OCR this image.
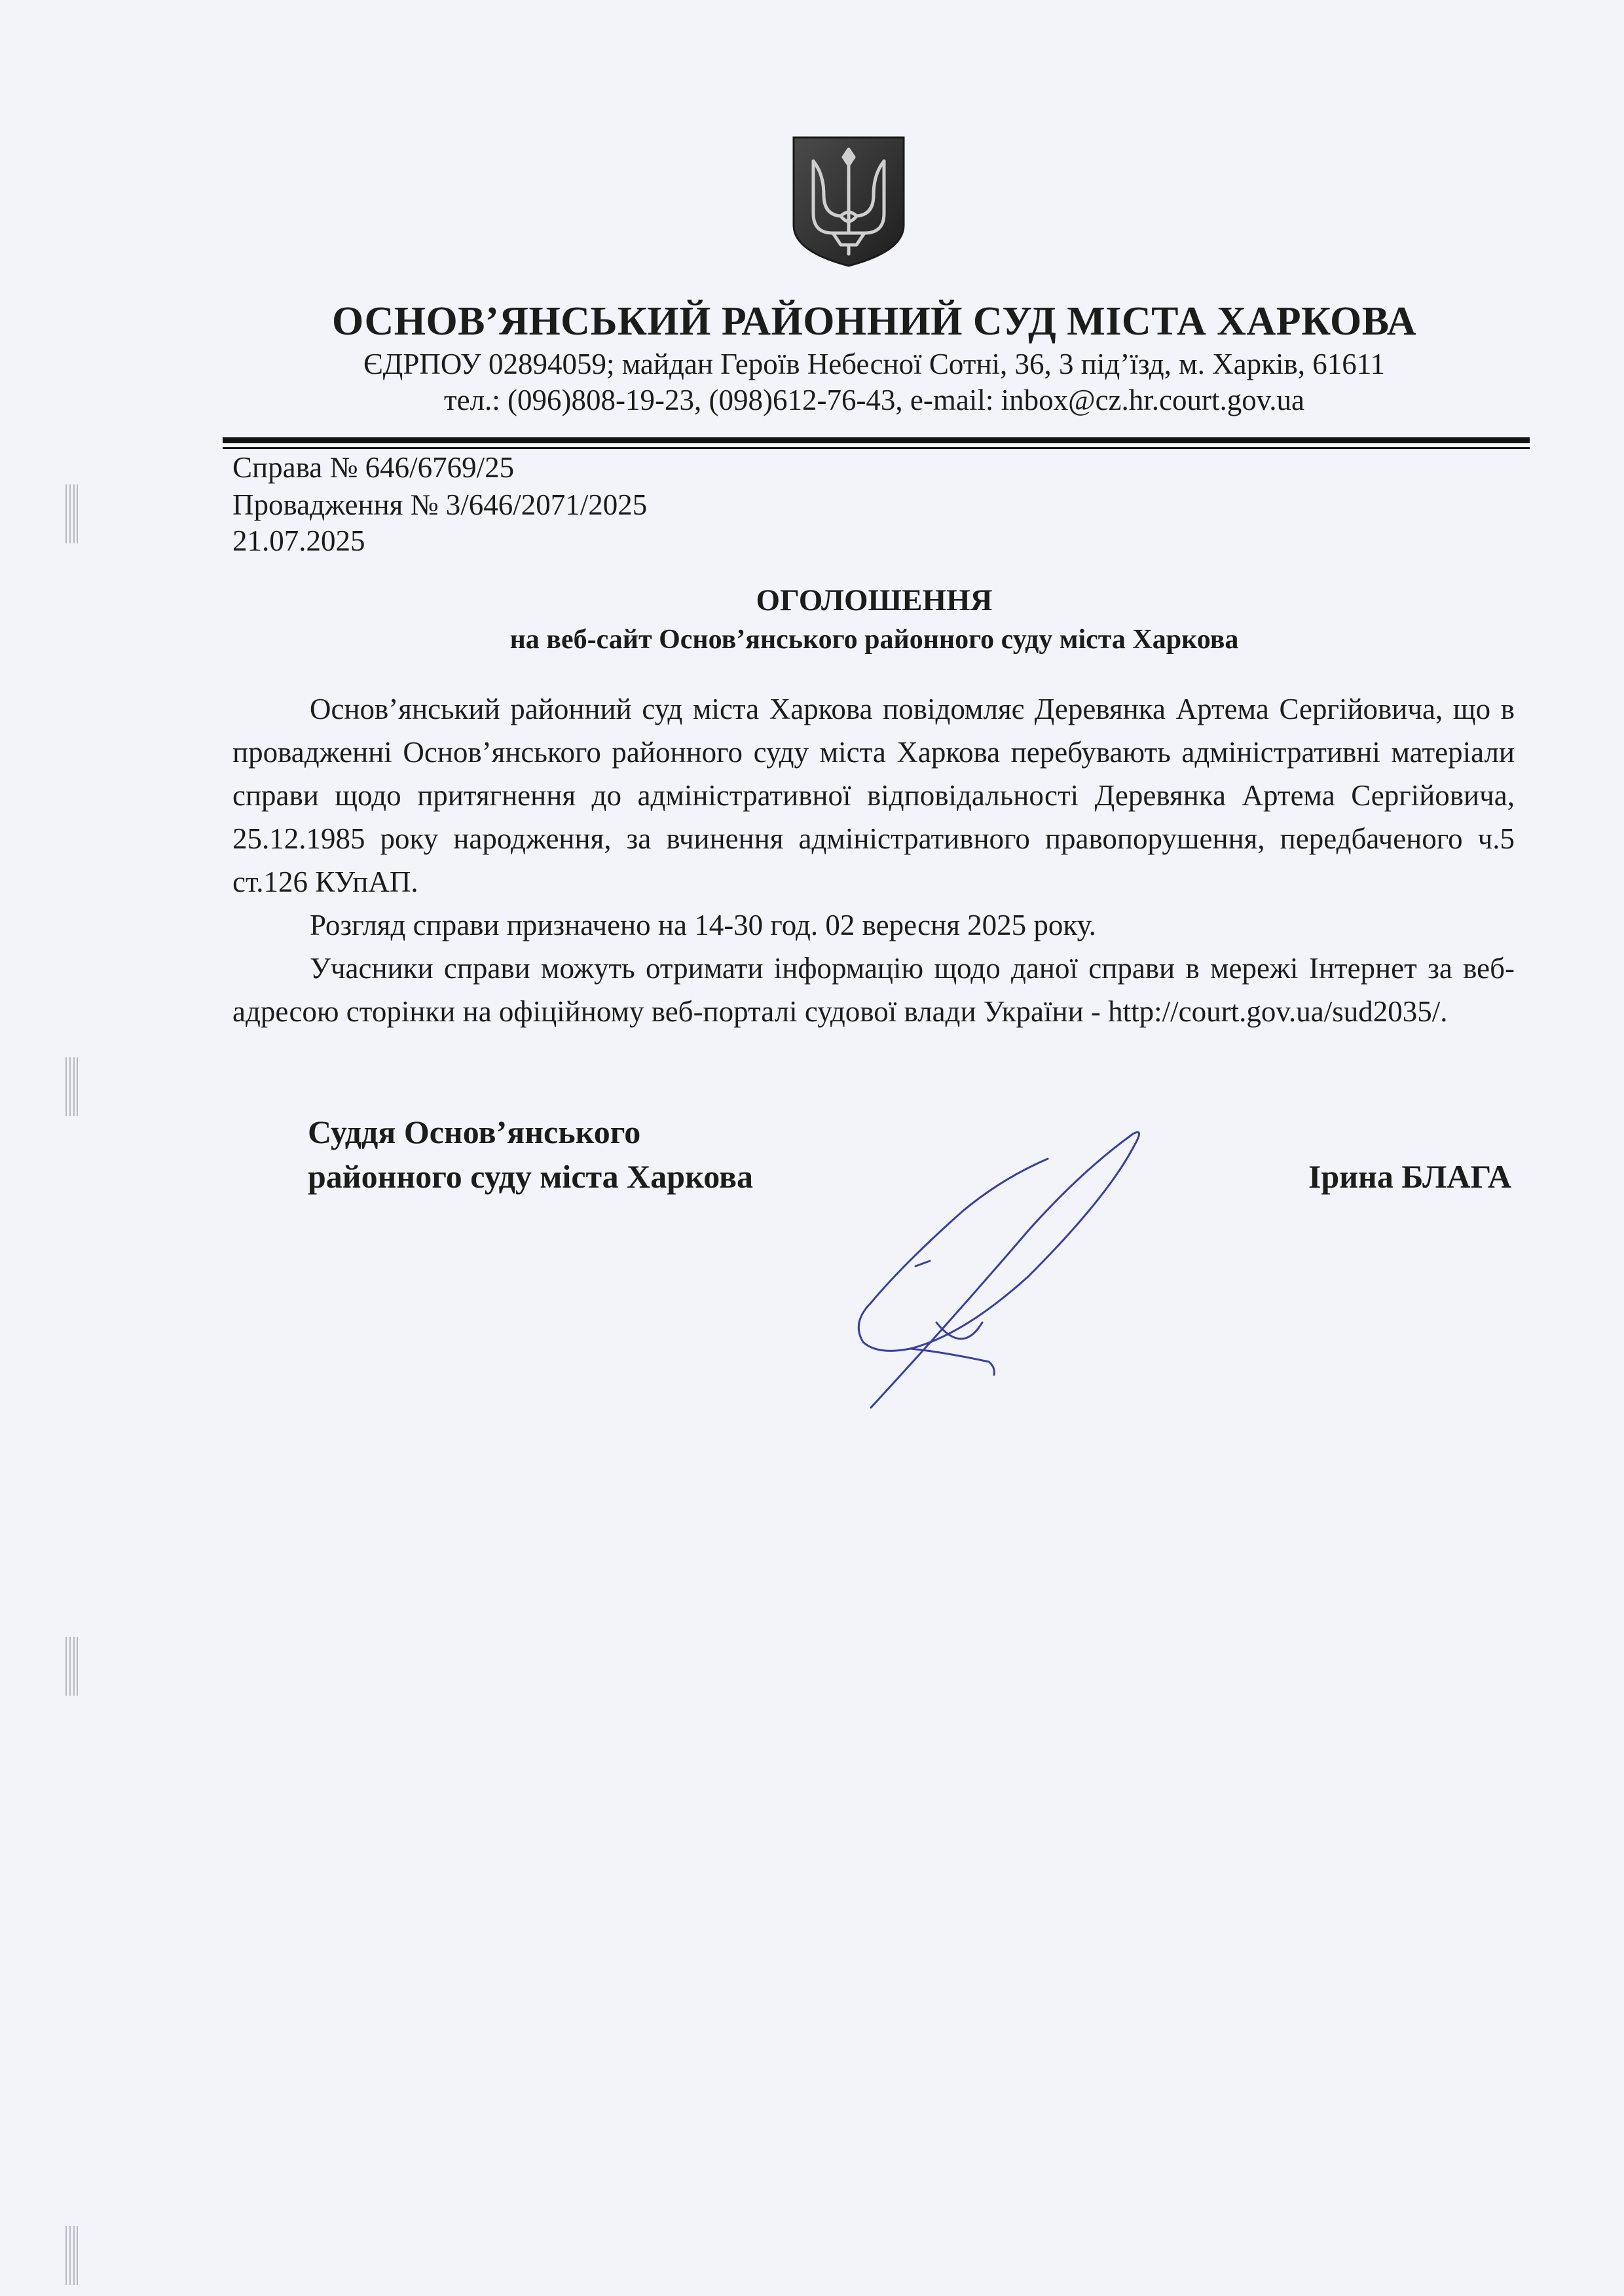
ОСНОВ’ЯНСЬКИЙ РАЙОННИЙ СУД МІСТА ХАРКОВА
ЄДРПОУ 02894059; майдан Героїв Небесної Сотні, 36, 3 під’їзд, м. Харків, 61611
тел.: (096)808-19-23, (098)612-76-43, e-mail: inbox@cz.hr.court.gov.ua
Справа № 646/6769/25
Провадження № 3/646/2071/2025
21.07.2025
ОГОЛОШЕННЯ
на веб-сайт Основ’янського районного суду міста Харкова

Основ’янський районний суд міста Харкова повідомляє Деревянка Артема Сергійовича, що в провадженні Основ’янського районного суду міста Харкова перебувають адміністративні матеріали справи щодо притягнення до адміністративної відповідальності Деревянка Артема Сергійовича, 25.12.1985 року народження, за вчинення адміністративного правопорушення, передбаченого ч.5 ст.126 КУпАП.

Розгляд справи призначено на 14-30 год. 02 вересня 2025 року.

Учасники справи можуть отримати інформацію щодо даної справи в мережі Інтернет за веб-адресою сторінки на офіційному веб-порталі судової влади України - http://court.gov.ua/sud2035/.

Суддя Основ’янського
районного суду міста Харкова	Ірина БЛАГА
